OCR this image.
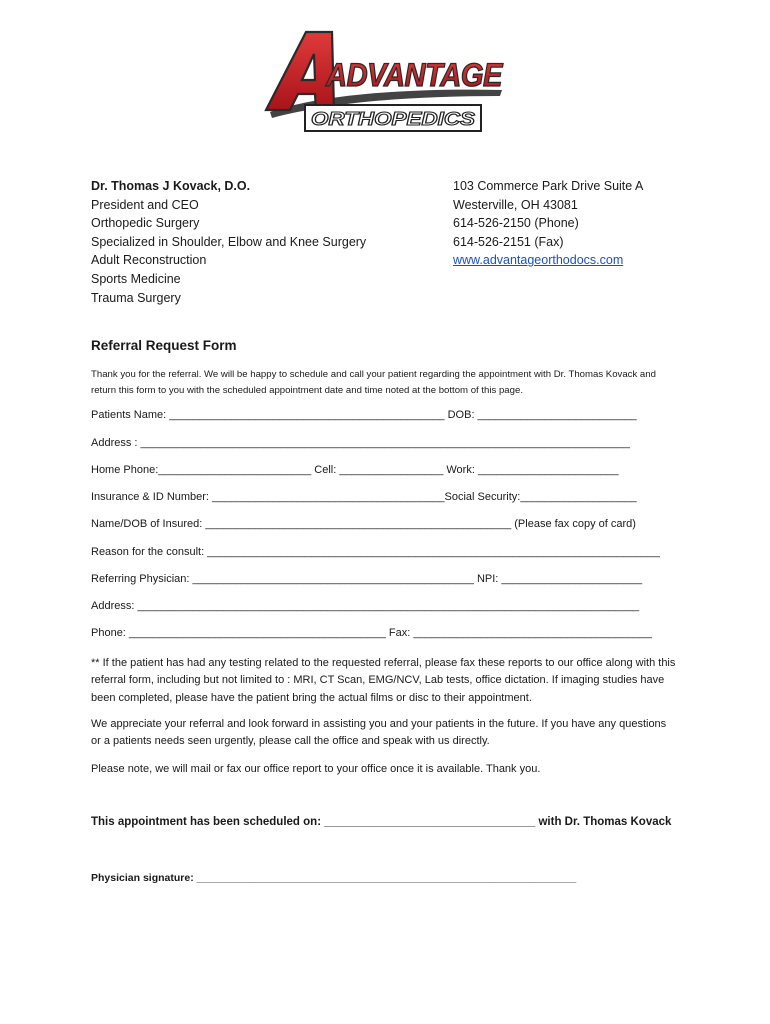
ADVANTAGE
ORTHOPEDICS
Dr. Thomas J Kovack, D.O.
President and CEO
Orthopedic Surgery
Specialized in Shoulder, Elbow and Knee Surgery
Adult Reconstruction
Sports Medicine
Trauma Surgery
103 Commerce Park Drive Suite A
Westerville, OH 43081
614-526-2150 (Phone)
614-526-2151 (Fax)
www.advantageorthodocs.com
Referral Request Form
Thank you for the referral. We will be happy to schedule and call your patient regarding the appointment with Dr. Thomas Kovack and return this form to you with the scheduled appointment date and time noted at the bottom of this page.
Patients Name: _____________________________________________ DOB: __________________________
Address : ________________________________________________________________________________
Home Phone:_________________________ Cell: _________________ Work: _______________________
Insurance & ID Number: ______________________________________Social Security:___________________
Name/DOB of Insured: __________________________________________________ (Please fax copy of card)
Reason for the consult: __________________________________________________________________________
Referring Physician: ______________________________________________ NPI: _______________________
Address: __________________________________________________________________________________
Phone: __________________________________________ Fax: _______________________________________
** If the patient has had any testing related to the requested referral, please fax these reports to our office along with this referral form, including but not limited to : MRI, CT Scan, EMG/NCV, Lab tests, office dictation. If imaging studies have been completed, please have the patient bring the actual films or disc to their appointment.
We appreciate your referral and look forward in assisting you and your patients in the future. If you have any questions or a patients needs seen urgently, please call the office and speak with us directly.
Please note, we will mail or fax our office report to your office once it is available. Thank you.
This appointment has been scheduled on: _________________________________ with Dr. Thomas Kovack
Physician signature: _________________________________________________________________
